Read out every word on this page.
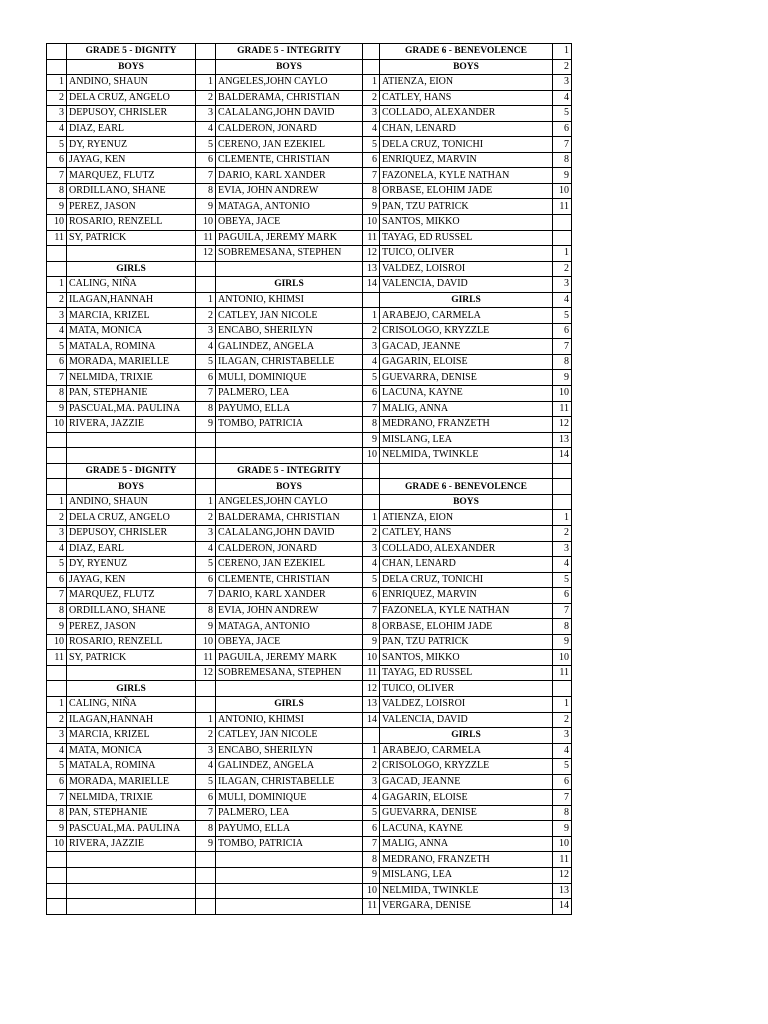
	GRADE 5 - DIGNITY		GRADE 5 - INTEGRITY		GRADE 6 - BENEVOLENCE	1
	BOYS		BOYS		BOYS	2
1	ANDINO, SHAUN	1	ANGELES,JOHN CAYLO	1	ATIENZA, EION	3
2	DELA CRUZ, ANGELO	2	BALDERAMA, CHRISTIAN	2	CATLEY, HANS	4
3	DEPUSOY, CHRISLER	3	CALALANG,JOHN DAVID	3	COLLADO, ALEXANDER	5
4	DIAZ, EARL	4	CALDERON, JONARD	4	CHAN, LENARD	6
5	DY, RYENUZ	5	CERENO, JAN EZEKIEL	5	DELA CRUZ, TONICHI	7
6	JAYAG, KEN	6	CLEMENTE, CHRISTIAN	6	ENRIQUEZ, MARVIN	8
7	MARQUEZ, FLUTZ	7	DARIO, KARL XANDER	7	FAZONELA, KYLE NATHAN	9
8	ORDILLANO, SHANE	8	EVIA, JOHN ANDREW	8	ORBASE, ELOHIM JADE	10
9	PEREZ, JASON	9	MATAGA, ANTONIO	9	PAN, TZU PATRICK	11
10	ROSARIO, RENZELL	10	OBEYA, JACE	10	SANTOS, MIKKO	
11	SY, PATRICK	11	PAGUILA, JEREMY MARK	11	TAYAG, ED RUSSEL	
		12	SOBREMESANA, STEPHEN	12	TUICO, OLIVER	1
	GIRLS			13	VALDEZ, LOISROI	2
1	CALING, NIÑA		GIRLS	14	VALENCIA, DAVID	3
2	ILAGAN,HANNAH	1	ANTONIO, KHIMSI		GIRLS	4
3	MARCIA, KRIZEL	2	CATLEY, JAN NICOLE	1	ARABEJO, CARMELA	5
4	MATA, MONICA	3	ENCABO, SHERILYN	2	CRISOLOGO, KRYZZLE	6
5	MATALA, ROMINA	4	GALINDEZ, ANGELA	3	GACAD, JEANNE	7
6	MORADA, MARIELLE	5	ILAGAN, CHRISTABELLE	4	GAGARIN, ELOISE	8
7	NELMIDA, TRIXIE	6	MULI, DOMINIQUE	5	GUEVARRA, DENISE	9
8	PAN, STEPHANIE	7	PALMERO, LEA	6	LACUNA, KAYNE	10
9	PASCUAL,MA. PAULINA	8	PAYUMO, ELLA	7	MALIG, ANNA	11
10	RIVERA, JAZZIE	9	TOMBO, PATRICIA	8	MEDRANO, FRANZETH	12
				9	MISLANG, LEA	13
				10	NELMIDA, TWINKLE	14
	GRADE 5 - DIGNITY		GRADE 5 - INTEGRITY			
	BOYS		BOYS		GRADE 6 - BENEVOLENCE	
1	ANDINO, SHAUN	1	ANGELES,JOHN CAYLO		BOYS	
2	DELA CRUZ, ANGELO	2	BALDERAMA, CHRISTIAN	1	ATIENZA, EION	1
3	DEPUSOY, CHRISLER	3	CALALANG,JOHN DAVID	2	CATLEY, HANS	2
4	DIAZ, EARL	4	CALDERON, JONARD	3	COLLADO, ALEXANDER	3
5	DY, RYENUZ	5	CERENO, JAN EZEKIEL	4	CHAN, LENARD	4
6	JAYAG, KEN	6	CLEMENTE, CHRISTIAN	5	DELA CRUZ, TONICHI	5
7	MARQUEZ, FLUTZ	7	DARIO, KARL XANDER	6	ENRIQUEZ, MARVIN	6
8	ORDILLANO, SHANE	8	EVIA, JOHN ANDREW	7	FAZONELA, KYLE NATHAN	7
9	PEREZ, JASON	9	MATAGA, ANTONIO	8	ORBASE, ELOHIM JADE	8
10	ROSARIO, RENZELL	10	OBEYA, JACE	9	PAN, TZU PATRICK	9
11	SY, PATRICK	11	PAGUILA, JEREMY MARK	10	SANTOS, MIKKO	10
		12	SOBREMESANA, STEPHEN	11	TAYAG, ED RUSSEL	11
	GIRLS			12	TUICO, OLIVER	
1	CALING, NIÑA		GIRLS	13	VALDEZ, LOISROI	1
2	ILAGAN,HANNAH	1	ANTONIO, KHIMSI	14	VALENCIA, DAVID	2
3	MARCIA, KRIZEL	2	CATLEY, JAN NICOLE		GIRLS	3
4	MATA, MONICA	3	ENCABO, SHERILYN	1	ARABEJO, CARMELA	4
5	MATALA, ROMINA	4	GALINDEZ, ANGELA	2	CRISOLOGO, KRYZZLE	5
6	MORADA, MARIELLE	5	ILAGAN, CHRISTABELLE	3	GACAD, JEANNE	6
7	NELMIDA, TRIXIE	6	MULI, DOMINIQUE	4	GAGARIN, ELOISE	7
8	PAN, STEPHANIE	7	PALMERO, LEA	5	GUEVARRA, DENISE	8
9	PASCUAL,MA. PAULINA	8	PAYUMO, ELLA	6	LACUNA, KAYNE	9
10	RIVERA, JAZZIE	9	TOMBO, PATRICIA	7	MALIG, ANNA	10
				8	MEDRANO, FRANZETH	11
				9	MISLANG, LEA	12
				10	NELMIDA, TWINKLE	13
				11	VERGARA, DENISE	14
